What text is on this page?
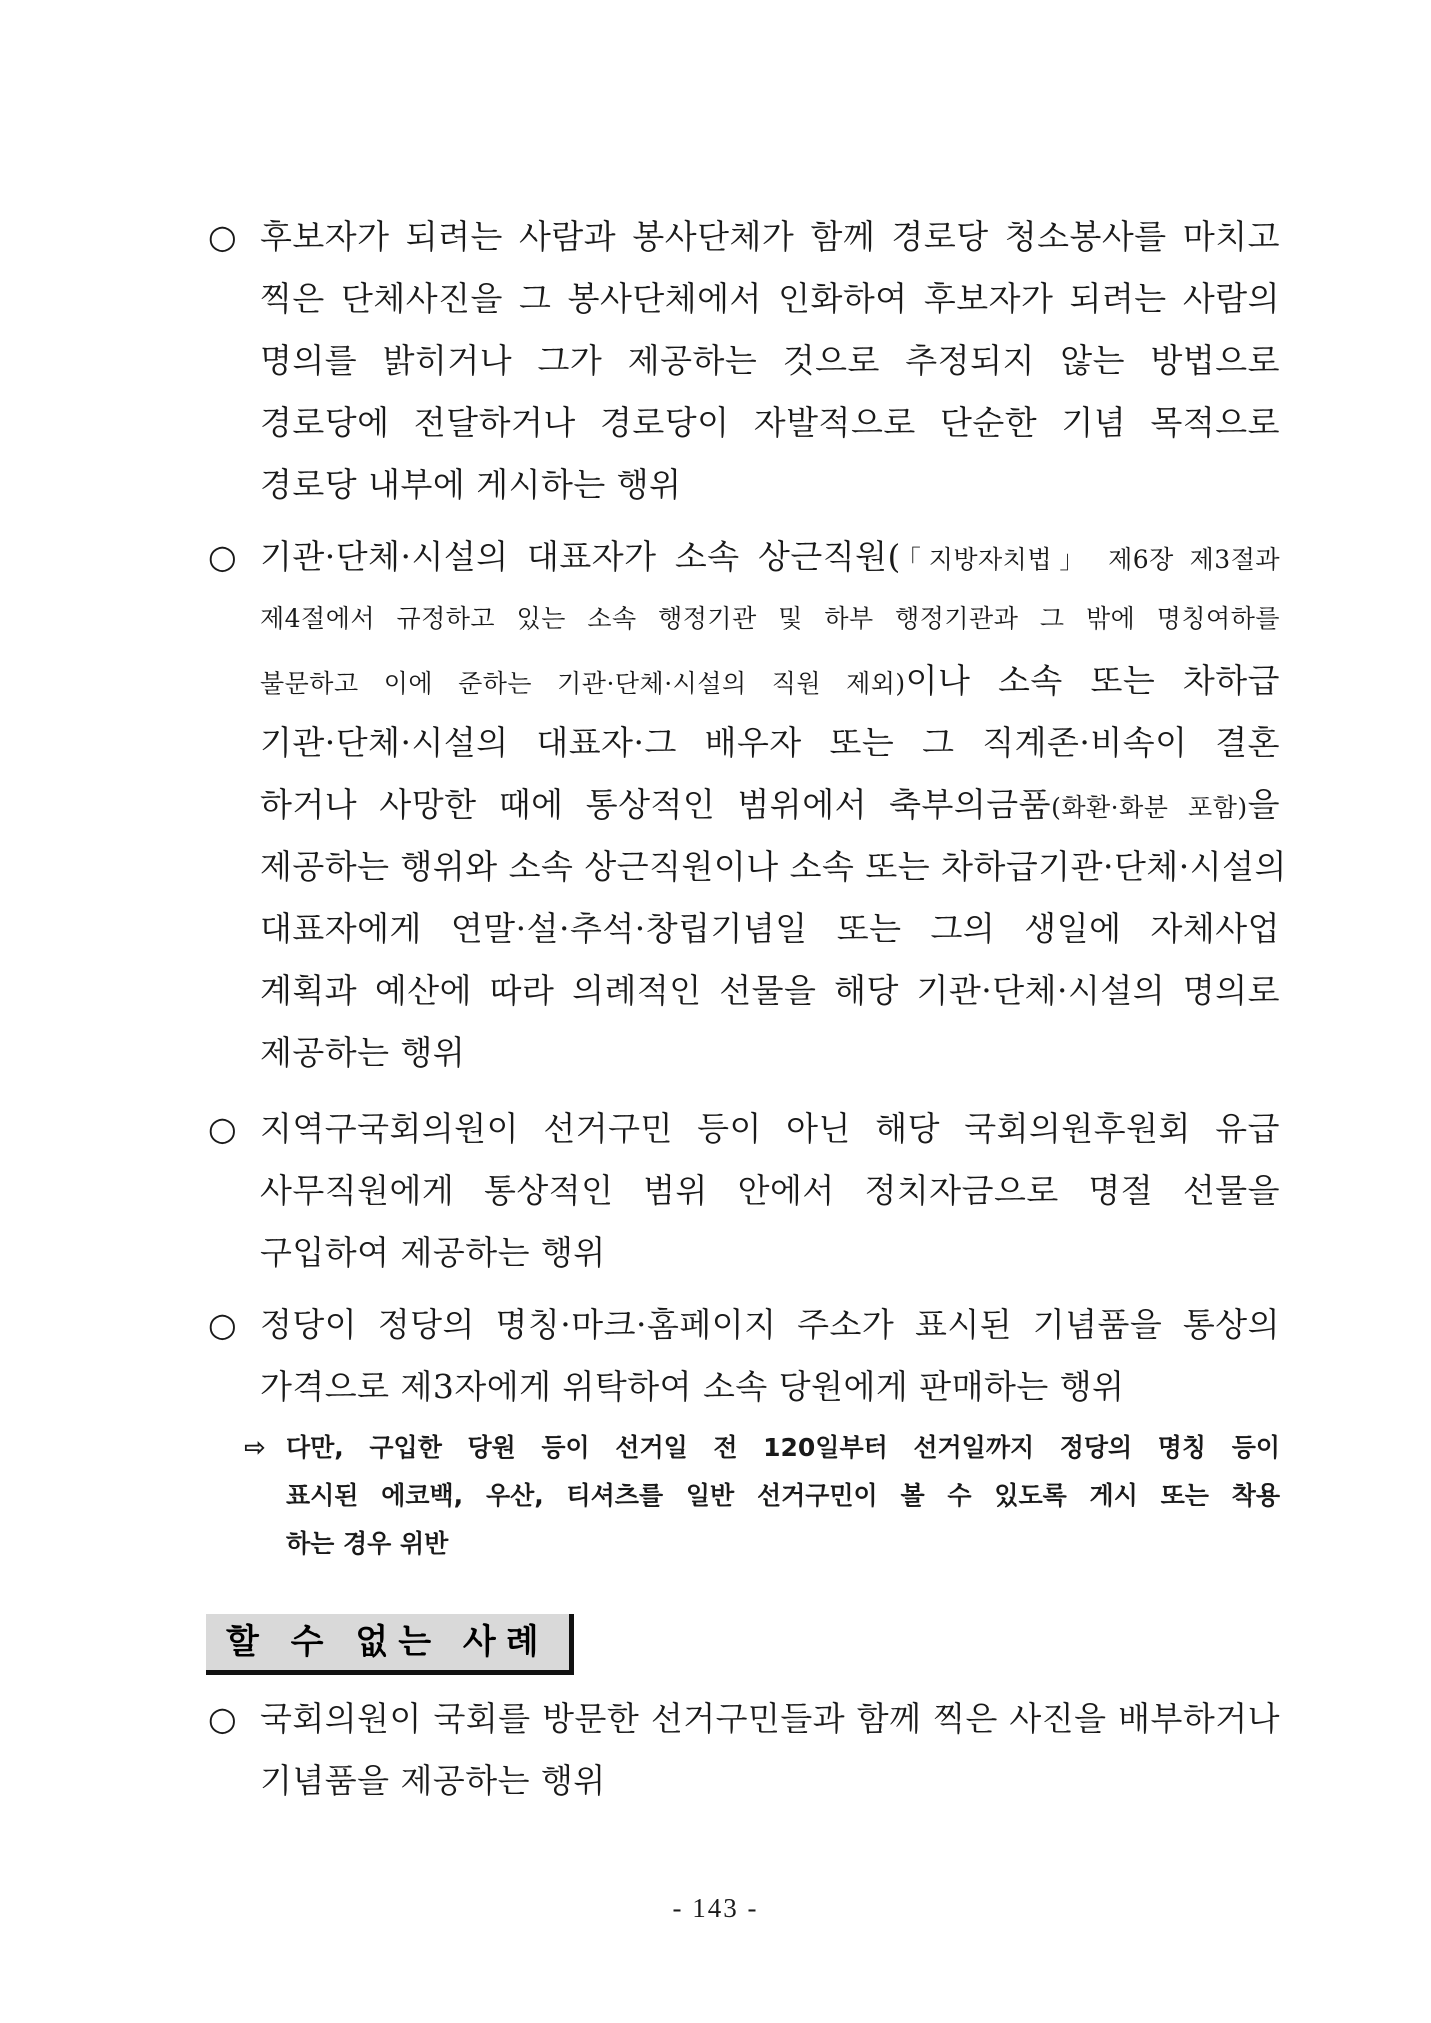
○ 후보자가 되려는 사람과 봉사단체가 함께 경로당 청소봉사를 마치고
찍은 단체사진을 그 봉사단체에서 인화하여 후보자가 되려는 사람의
명의를 밝히거나 그가 제공하는 것으로 추정되지 않는 방법으로
경로당에 전달하거나 경로당이 자발적으로 단순한 기념 목적으로
경로당 내부에 게시하는 행위
○ 기관·단체·시설의 대표자가 소속 상근직원(「지방자치법」 제6장 제3절과
제4절에서 규정하고 있는 소속 행정기관 및 하부 행정기관과 그 밖에 명칭여하를
불문하고 이에 준하는 기관·단체·시설의 직원 제외)이나 소속 또는 차하급
기관·단체·시설의 대표자·그 배우자 또는 그 직계존·비속이 결혼
하거나 사망한 때에 통상적인 범위에서 축부의금품(화환·화분 포함)을
제공하는 행위와 소속 상근직원이나 소속 또는 차하급기관·단체·시설의
대표자에게 연말·설·추석·창립기념일 또는 그의 생일에 자체사업
계획과 예산에 따라 의례적인 선물을 해당 기관·단체·시설의 명의로
제공하는 행위
○ 지역구국회의원이 선거구민 등이 아닌 해당 국회의원후원회 유급
사무직원에게 통상적인 범위 안에서 정치자금으로 명절 선물을
구입하여 제공하는 행위
○ 정당이 정당의 명칭·마크·홈페이지 주소가 표시된 기념품을 통상의
가격으로 제3자에게 위탁하여 소속 당원에게 판매하는 행위
⇨ 다만, 구입한 당원 등이 선거일 전 120일부터 선거일까지 정당의 명칭 등이
표시된 에코백, 우산, 티셔츠를 일반 선거구민이 볼 수 있도록 게시 또는 착용
하는 경우 위반
할 수 없는 사례
○ 국회의원이 국회를 방문한 선거구민들과 함께 찍은 사진을 배부하거나
기념품을 제공하는 행위
- 143 -
